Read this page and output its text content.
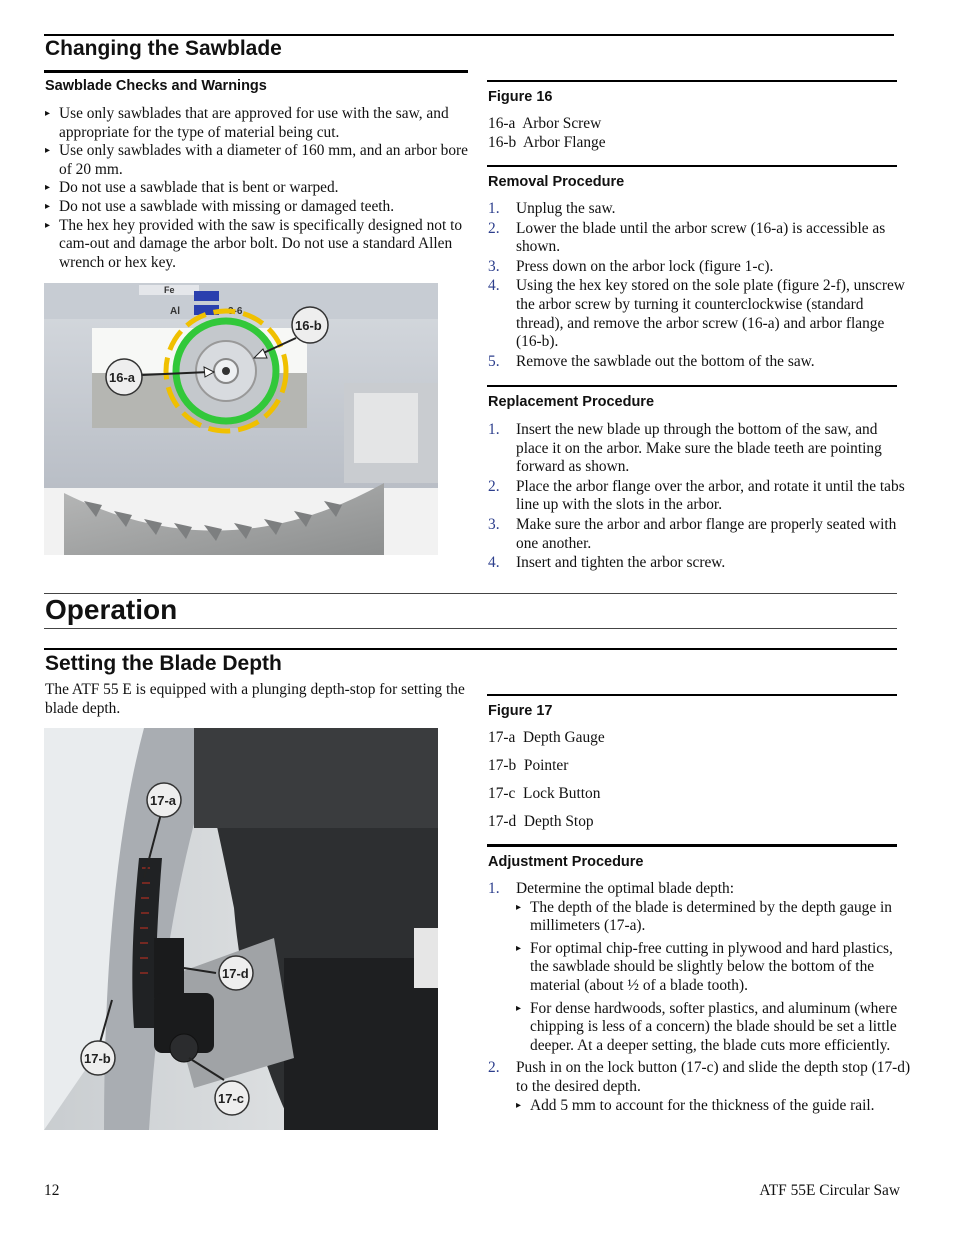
Changing the Sawblade
Sawblade Checks and Warnings
▸ Use only sawblades that are approved for use with the saw, and appropriate for the type of material being cut.
▸ Use only sawblades with a diameter of 160 mm, and an arbor bore of 20 mm.
▸ Do not use a sawblade that is bent or warped.
▸ Do not use a sawblade with missing or damaged teeth.
▸ The hex hey provided with the saw is specifically designed not to cam-out and damage the arbor bolt. Do not use a standard Allen wrench or hex key.
Fe
Al	3-6
16-a
16-b
Figure 16
16-a  Arbor Screw
16-b  Arbor Flange
Removal Procedure
1. Unplug the saw.
2. Lower the blade until the arbor screw (16-a) is accessible as shown.
3. Press down on the arbor lock (figure 1-c).
4. Using the hex key stored on the sole plate (figure 2-f), unscrew the arbor screw by turning it counterclockwise (standard thread), and remove the arbor screw (16-a) and arbor flange (16-b).
5. Remove the sawblade out the bottom of the saw.
Replacement Procedure
1. Insert the new blade up through the bottom of the saw, and place it on the arbor. Make sure the blade teeth are pointing forward as shown.
2. Place the arbor flange over the arbor, and rotate it until the tabs line up with the slots in the arbor.
3. Make sure the arbor and arbor flange are properly seated with one another.
4. Insert and tighten the arbor screw.
Operation
Setting the Blade Depth
The ATF 55 E is equipped with a plunging depth-stop for setting the blade depth.
17-a
17-d
17-b
17-c
Figure 17
17-a  Depth Gauge
17-b  Pointer
17-c  Lock Button
17-d  Depth Stop
Adjustment Procedure
1. Determine the optimal blade depth:
▸ The depth of the blade is determined by the depth gauge in millimeters (17-a).
▸ For optimal chip-free cutting in plywood and hard plastics, the sawblade should be slightly below the bottom of the material (about ½ of a blade tooth).
▸ For dense hardwoods, softer plastics, and aluminum (where chipping is less of a concern) the blade should be set a little deeper. At a deeper setting, the blade cuts more efficiently.
2. Push in on the lock button (17-c) and slide the depth stop (17-d) to the desired depth.
▸ Add 5 mm to account for the thickness of the guide rail.
12	ATF 55E Circular Saw
